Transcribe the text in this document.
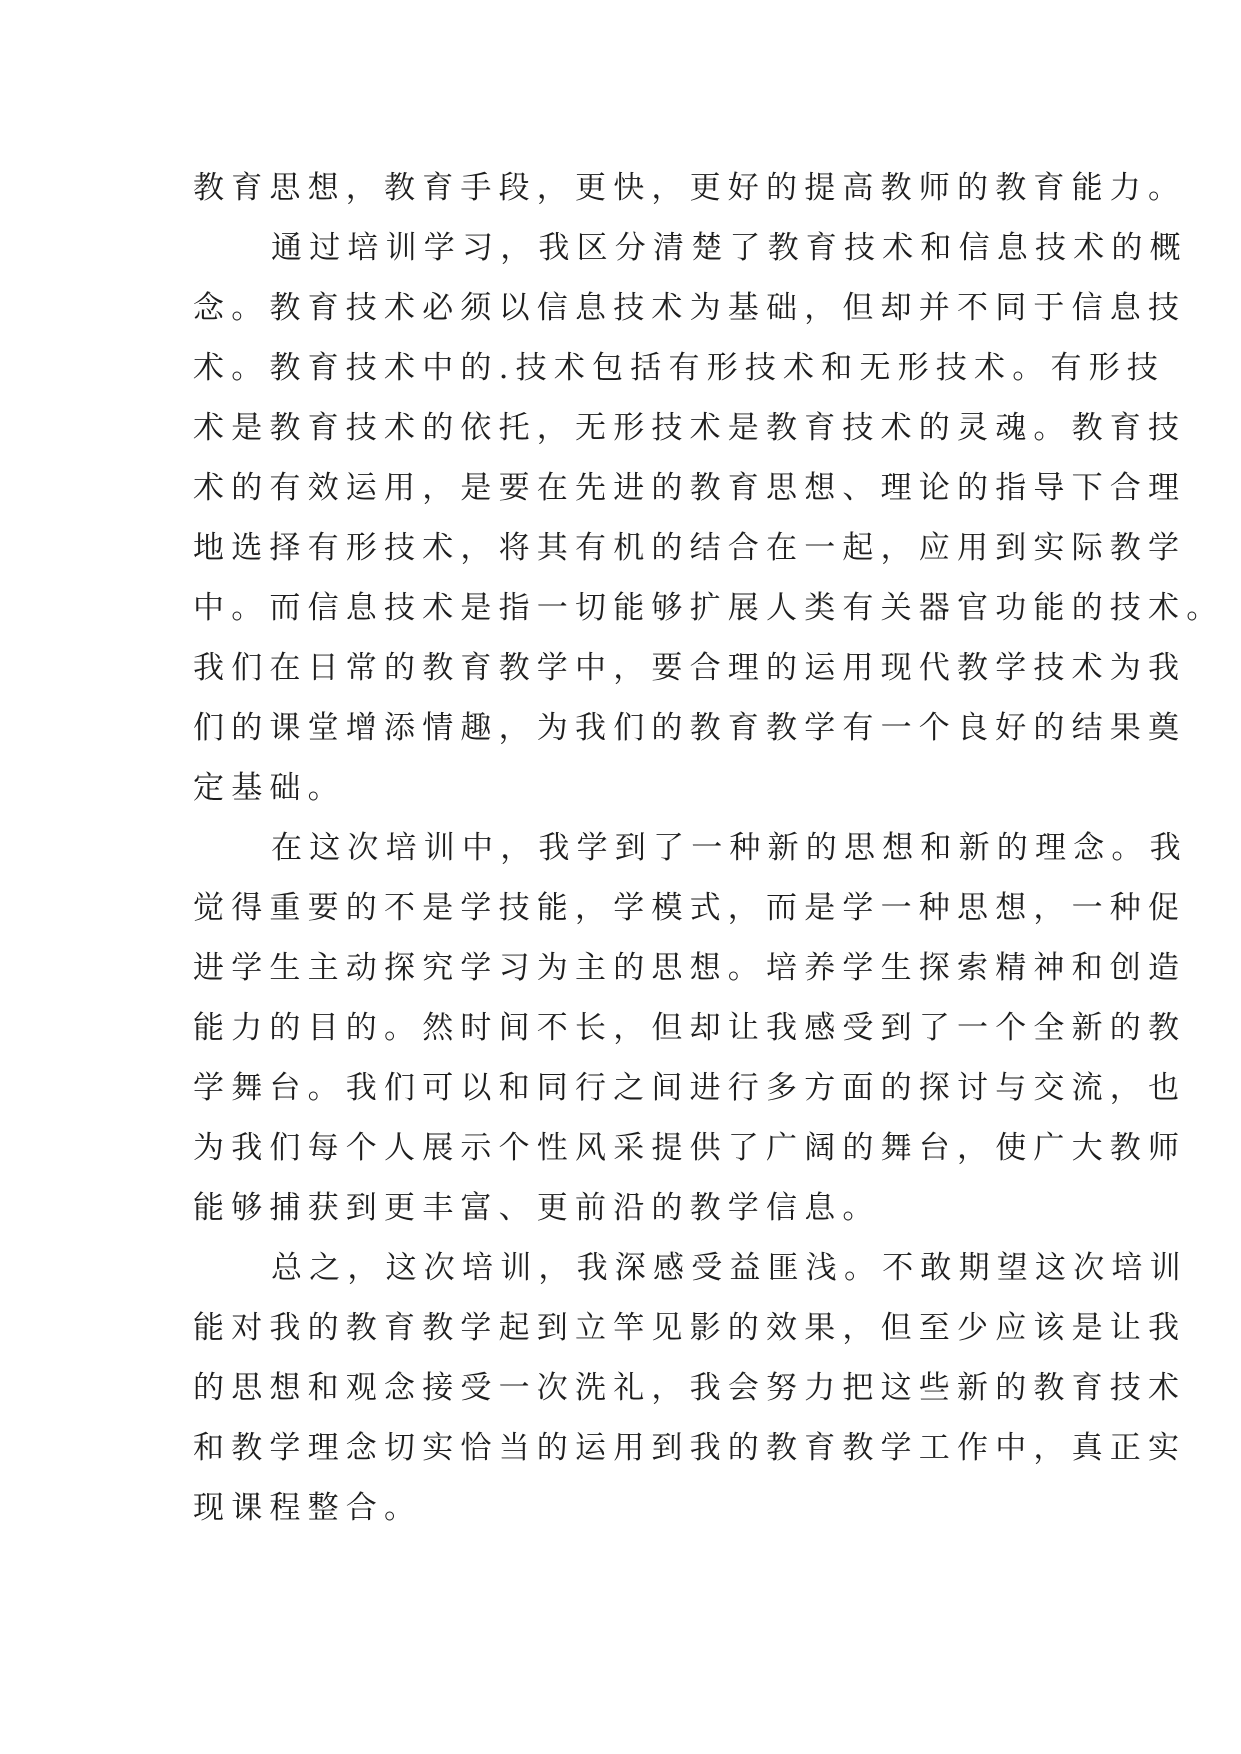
教育思想，教育手段，更快，更好的提高教师的教育能力。
通过培训学习，我区分清楚了教育技术和信息技术的概
念。教育技术必须以信息技术为基础，但却并不同于信息技
术。教育技术中的.技术包括有形技术和无形技术。有形技
术是教育技术的依托，无形技术是教育技术的灵魂。教育技
术的有效运用，是要在先进的教育思想、理论的指导下合理
地选择有形技术，将其有机的结合在一起，应用到实际教学
中。而信息技术是指一切能够扩展人类有关器官功能的技术。
我们在日常的教育教学中，要合理的运用现代教学技术为我
们的课堂增添情趣，为我们的教育教学有一个良好的结果奠
定基础。
在这次培训中，我学到了一种新的思想和新的理念。我
觉得重要的不是学技能，学模式，而是学一种思想，一种促
进学生主动探究学习为主的思想。培养学生探索精神和创造
能力的目的。然时间不长，但却让我感受到了一个全新的教
学舞台。我们可以和同行之间进行多方面的探讨与交流，也
为我们每个人展示个性风采提供了广阔的舞台，使广大教师
能够捕获到更丰富、更前沿的教学信息。
总之，这次培训，我深感受益匪浅。不敢期望这次培训
能对我的教育教学起到立竿见影的效果，但至少应该是让我
的思想和观念接受一次洗礼，我会努力把这些新的教育技术
和教学理念切实恰当的运用到我的教育教学工作中，真正实
现课程整合。
